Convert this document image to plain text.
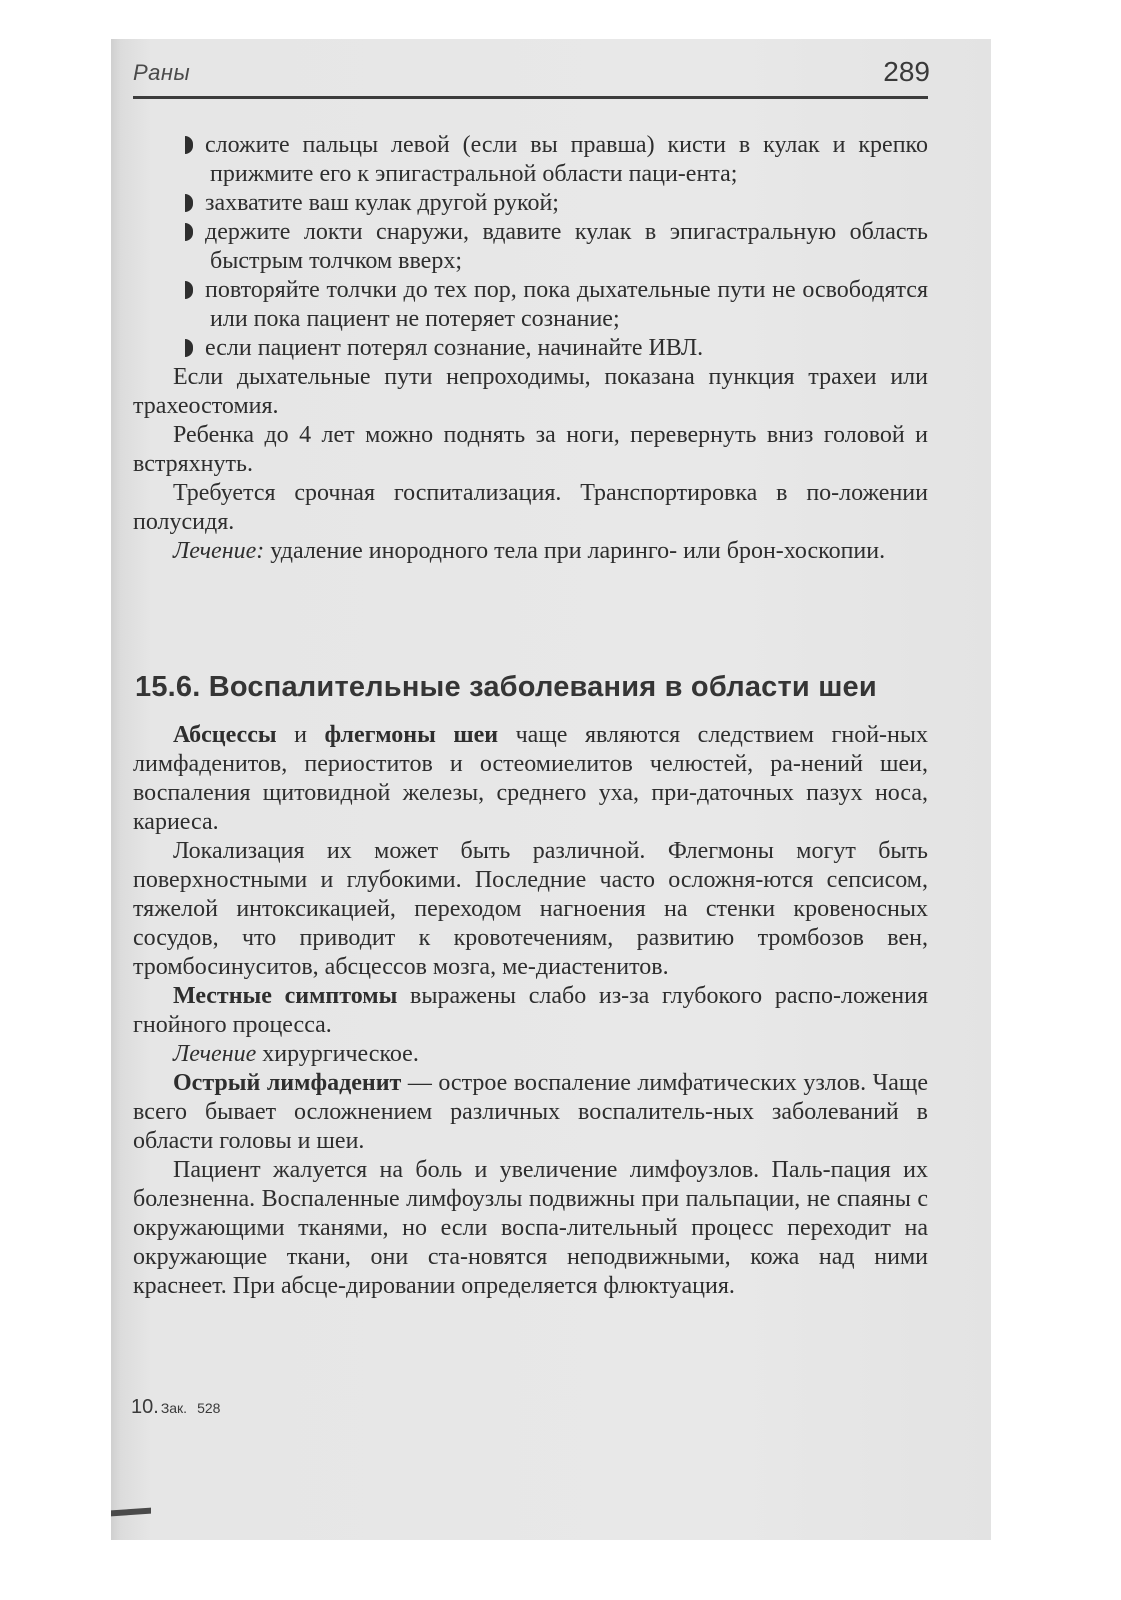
Раны	289
сложите пальцы левой (если вы правша) кисти в кулак и крепко прижмите его к эпигастральной области паци-ента;
захватите ваш кулак другой рукой;
держите локти снаружи, вдавите кулак в эпигастральную область быстрым толчком вверх;
повторяйте толчки до тех пор, пока дыхательные пути не освободятся или пока пациент не потеряет сознание;
если пациент потерял сознание, начинайте ИВЛ.

Если дыхательные пути непроходимы, показана пункция трахеи или трахеостомия.

Ребенка до 4 лет можно поднять за ноги, перевернуть вниз головой и встряхнуть.

Требуется срочная госпитализация. Транспортировка в по-ложении полусидя.

Лечение: удаление инородного тела при ларинго- или брон-хоскопии.

15.6. Воспалительные заболевания в области шеи

Абсцессы и флегмоны шеи чаще являются следствием гной-ных лимфаденитов, периоститов и остеомиелитов челюстей, ра-нений шеи, воспаления щитовидной железы, среднего уха, при-даточных пазух носа, кариеса.

Локализация их может быть различной. Флегмоны могут быть поверхностными и глубокими. Последние часто осложня-ются сепсисом, тяжелой интоксикацией, переходом нагноения на стенки кровеносных сосудов, что приводит к кровотечениям, развитию тромбозов вен, тромбосинуситов, абсцессов мозга, ме-диастенитов.

Местные симптомы выражены слабо из-за глубокого распо-ложения гнойного процесса.

Лечение хирургическое.

Острый лимфаденит — острое воспаление лимфатических узлов. Чаще всего бывает осложнением различных воспалитель-ных заболеваний в области головы и шеи.

Пациент жалуется на боль и увеличение лимфоузлов. Паль-пация их болезненна. Воспаленные лимфоузлы подвижны при пальпации, не спаяны с окружающими тканями, но если воспа-лительный процесс переходит на окружающие ткани, они ста-новятся неподвижными, кожа над ними краснеет. При абсце-дировании определяется флюктуация.

10. Зак. 528
